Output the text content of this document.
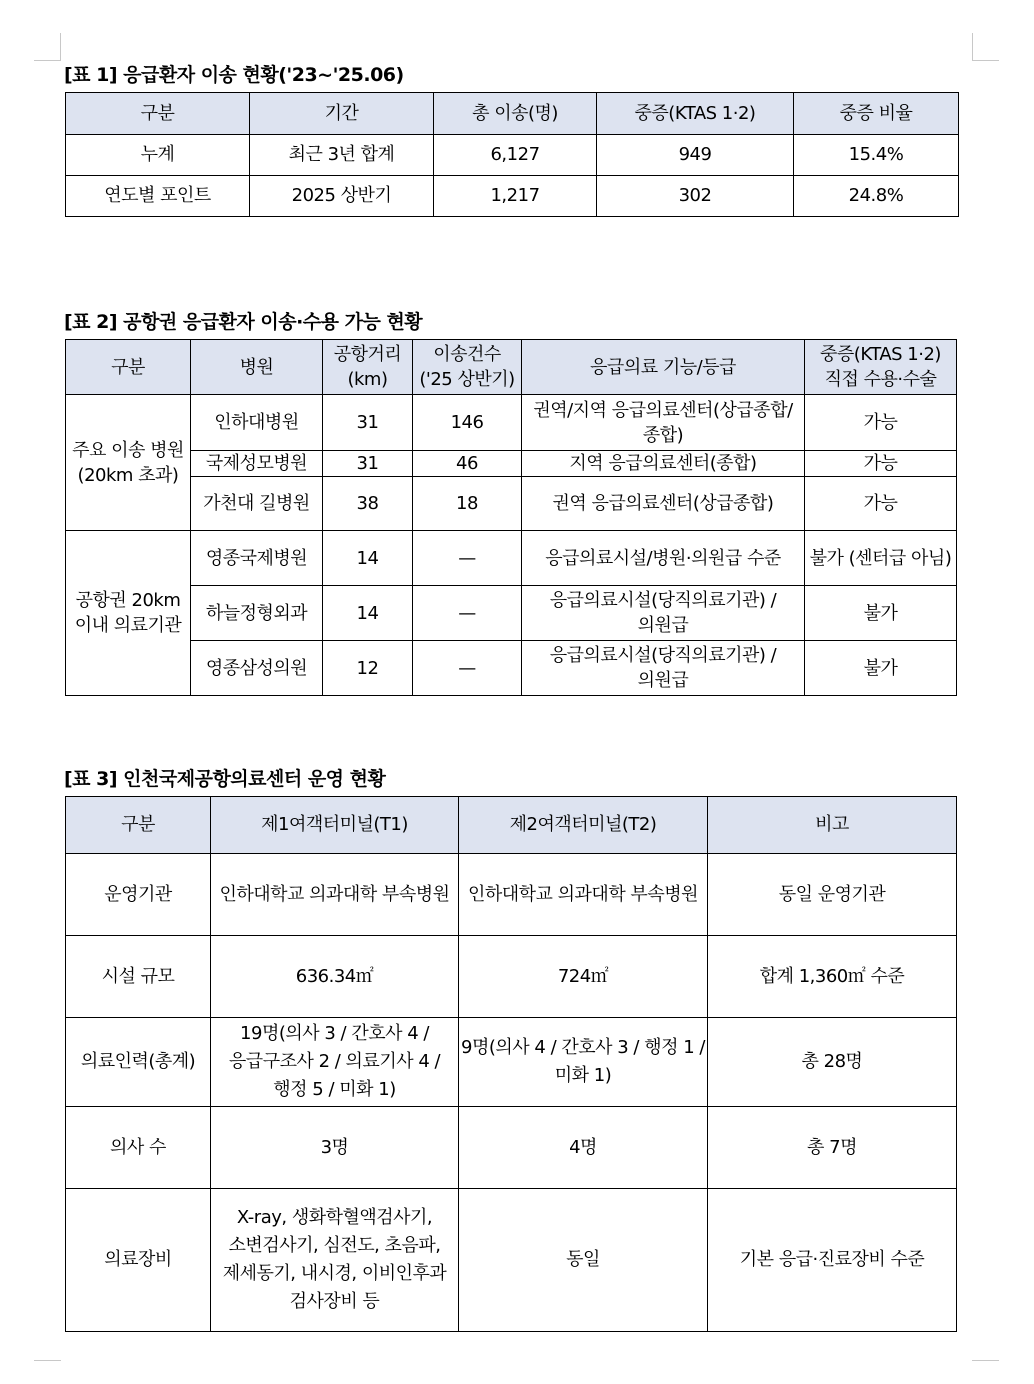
[표 1] 응급환자 이송 현황('23~'25.06)

구분	기간	총 이송(명)	중증(KTAS 1·2)	중증 비율
누계	최근 3년 합계	6,127	949	15.4%
연도별 포인트	2025 상반기	1,217	302	24.8%

[표 2] 공항권 응급환자 이송·수용 가능 현황

구분	병원	공항거리 (km)	이송건수 ('25 상반기)	응급의료 기능/등급	중증(KTAS 1·2) 직접 수용·수술
주요 이송 병원 (20km 초과)	인하대병원	31	146	권역/지역 응급의료센터(상급종합/종합)	가능
	국제성모병원	31	46	지역 응급의료센터(종합)	가능
	가천대 길병원	38	18	권역 응급의료센터(상급종합)	가능
공항권 20km 이내 의료기관	영종국제병원	14	—	응급의료시설/병원·의원급 수준	불가 (센터급 아님)
	하늘정형외과	14	—	응급의료시설(당직의료기관) / 의원급	불가
	영종삼성의원	12	—	응급의료시설(당직의료기관) / 의원급	불가

[표 3] 인천국제공항의료센터 운영 현황

구분	제1여객터미널(T1)	제2여객터미널(T2)	비고
운영기관	인하대학교 의과대학 부속병원	인하대학교 의과대학 부속병원	동일 운영기관
시설 규모	636.34㎡	724㎡	합계 1,360㎡ 수준
의료인력(총계)	19명(의사 3 / 간호사 4 / 응급구조사 2 / 의료기사 4 / 행정 5 / 미화 1)	9명(의사 4 / 간호사 3 / 행정 1 / 미화 1)	총 28명
의사 수	3명	4명	총 7명
의료장비	X-ray, 생화학혈액검사기, 소변검사기, 심전도, 초음파, 제세동기, 내시경, 이비인후과 검사장비 등	동일	기본 응급·진료장비 수준
